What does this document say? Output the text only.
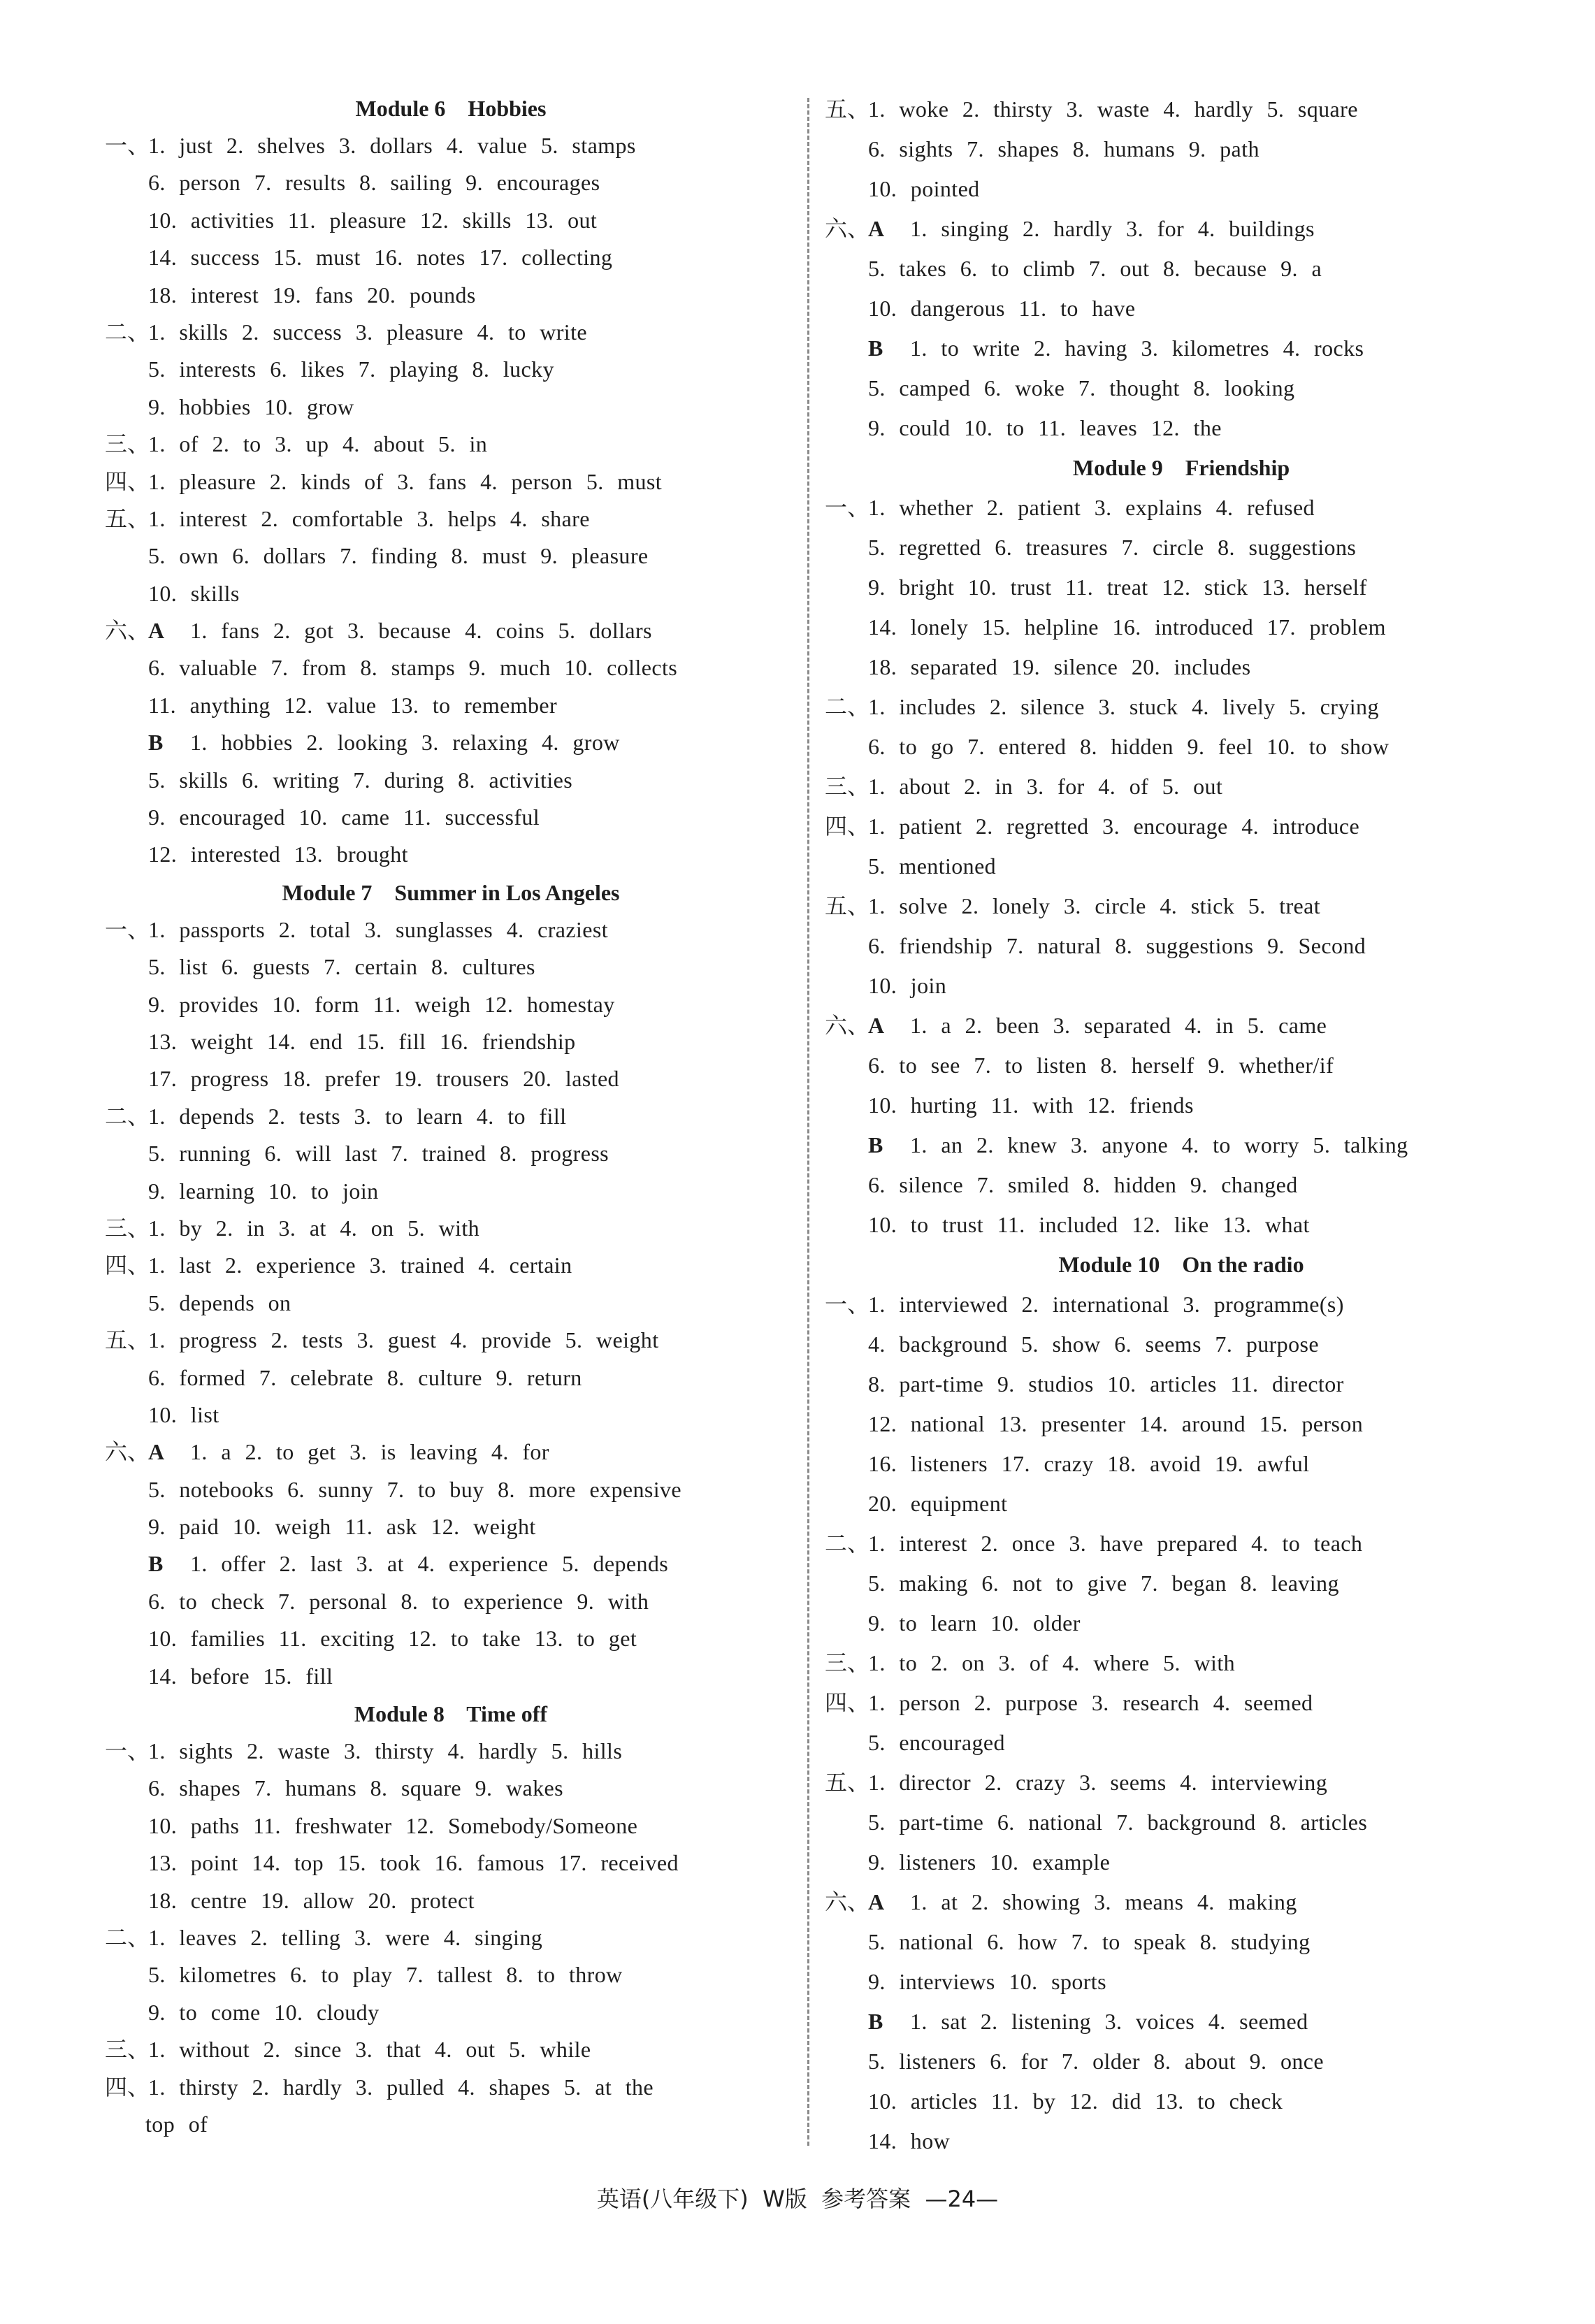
Module 6    Hobbies
一、
1. just 2. shelves 3. dollars 4. value 5. stamps
6. person 7. results 8. sailing 9. encourages
10. activities 11. pleasure 12. skills 13. out
14. success 15. must 16. notes 17. collecting
18. interest 19. fans 20. pounds
二、
1. skills 2. success 3. pleasure 4. to write
5. interests 6. likes 7. playing 8. lucky
9. hobbies 10. grow
三、
1. of 2. to 3. up 4. about 5. in
四、
1. pleasure 2. kinds of 3. fans 4. person 5. must
五、
1. interest 2. comfortable 3. helps 4. share
5. own 6. dollars 7. finding 8. must 9. pleasure
10. skills
六、
A 1. fans 2. got 3. because 4. coins 5. dollars
6. valuable 7. from 8. stamps 9. much 10. collects
11. anything 12. value 13. to remember
B 1. hobbies 2. looking 3. relaxing 4. grow
5. skills 6. writing 7. during 8. activities
9. encouraged 10. came 11. successful
12. interested 13. brought
Module 7    Summer in Los Angeles
一、
1. passports 2. total 3. sunglasses 4. craziest
5. list 6. guests 7. certain 8. cultures
9. provides 10. form 11. weigh 12. homestay
13. weight 14. end 15. fill 16. friendship
17. progress 18. prefer 19. trousers 20. lasted
二、
1. depends 2. tests 3. to learn 4. to fill
5. running 6. will last 7. trained 8. progress
9. learning 10. to join
三、
1. by 2. in 3. at 4. on 5. with
四、
1. last 2. experience 3. trained 4. certain
5. depends on
五、
1. progress 2. tests 3. guest 4. provide 5. weight
6. formed 7. celebrate 8. culture 9. return
10. list
六、
A 1. a 2. to get 3. is leaving 4. for
5. notebooks 6. sunny 7. to buy 8. more expensive
9. paid 10. weigh 11. ask 12. weight
B 1. offer 2. last 3. at 4. experience 5. depends
6. to check 7. personal 8. to experience 9. with
10. families 11. exciting 12. to take 13. to get
14. before 15. fill
Module 8    Time off
一、
1. sights 2. waste 3. thirsty 4. hardly 5. hills
6. shapes 7. humans 8. square 9. wakes
10. paths 11. freshwater 12. Somebody/Someone
13. point 14. top 15. took 16. famous 17. received
18. centre 19. allow 20. protect
二、
1. leaves 2. telling 3. were 4. singing
5. kilometres 6. to play 7. tallest 8. to throw
9. to come 10. cloudy
三、
1. without 2. since 3. that 4. out 5. while
四、
1. thirsty 2. hardly 3. pulled 4. shapes 5. at the
top of
五、
1. woke 2. thirsty 3. waste 4. hardly 5. square
6. sights 7. shapes 8. humans 9. path
10. pointed
六、
A 1. singing 2. hardly 3. for 4. buildings
5. takes 6. to climb 7. out 8. because 9. a
10. dangerous 11. to have
B 1. to write 2. having 3. kilometres 4. rocks
5. camped 6. woke 7. thought 8. looking
9. could 10. to 11. leaves 12. the
Module 9    Friendship
一、
1. whether 2. patient 3. explains 4. refused
5. regretted 6. treasures 7. circle 8. suggestions
9. bright 10. trust 11. treat 12. stick 13. herself
14. lonely 15. helpline 16. introduced 17. problem
18. separated 19. silence 20. includes
二、
1. includes 2. silence 3. stuck 4. lively 5. crying
6. to go 7. entered 8. hidden 9. feel 10. to show
三、
1. about 2. in 3. for 4. of 5. out
四、
1. patient 2. regretted 3. encourage 4. introduce
5. mentioned
五、
1. solve 2. lonely 3. circle 4. stick 5. treat
6. friendship 7. natural 8. suggestions 9. Second
10. join
六、
A 1. a 2. been 3. separated 4. in 5. came
6. to see 7. to listen 8. herself 9. whether/if
10. hurting 11. with 12. friends
B 1. an 2. knew 3. anyone 4. to worry 5. talking
6. silence 7. smiled 8. hidden 9. changed
10. to trust 11. included 12. like 13. what
Module 10    On the radio
一、
1. interviewed 2. international 3. programme(s)
4. background 5. show 6. seems 7. purpose
8. part-time 9. studios 10. articles 11. director
12. national 13. presenter 14. around 15. person
16. listeners 17. crazy 18. avoid 19. awful
20. equipment
二、
1. interest 2. once 3. have prepared 4. to teach
5. making 6. not to give 7. began 8. leaving
9. to learn 10. older
三、
1. to 2. on 3. of 4. where 5. with
四、
1. person 2. purpose 3. research 4. seemed
5. encouraged
五、
1. director 2. crazy 3. seems 4. interviewing
5. part-time 6. national 7. background 8. articles
9. listeners 10. example
六、
A 1. at 2. showing 3. means 4. making
5. national 6. how 7. to speak 8. studying
9. interviews 10. sports
B 1. sat 2. listening 3. voices 4. seemed
5. listeners 6. for 7. older 8. about 9. once
10. articles 11. by 12. did 13. to check
14. how
英语(八年级下)  W版  参考答案  —24—
